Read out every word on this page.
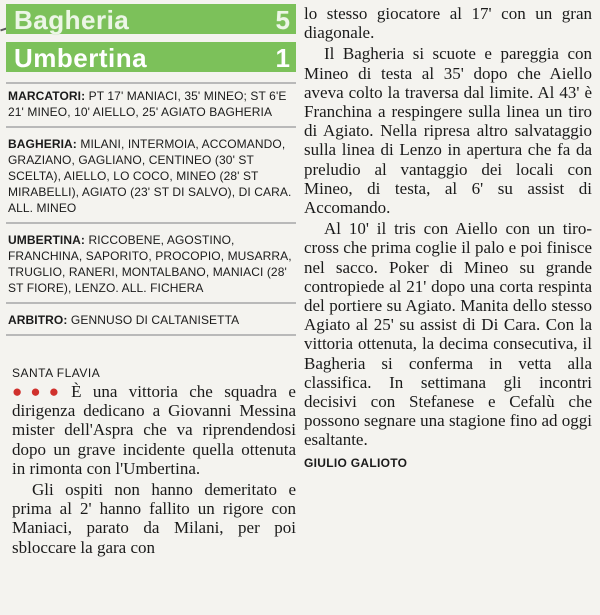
Bagheria	5
Umbertina	1
MARCATORI: PT 17' MANIACI, 35' MINEO; ST 6'E 21' MINEO, 10' AIELLO, 25' AGIATO BAGHERIA
BAGHERIA: MILANI, INTERMOIA, ACCOMANDO, GRAZIANO, GAGLIANO, CENTINEO (30' ST SCELTA), AIELLO, LO COCO, MINEO (28' ST MIRABELLI), AGIATO (23' ST DI SALVO), DI CARA. ALL. MINEO
UMBERTINA: RICCOBENE, AGOSTINO, FRANCHINA, SAPORITO, PROCOPIO, MUSARRA, TRUGLIO, RANERI, MONTALBANO, MANIACI (28' ST FIORE), LENZO. ALL. FICHERA
ARBITRO: GENNUSO DI CALTANISETTA
SANTA FLAVIA

●●● È una vittoria che squadra e dirigenza dedicano a Giovanni Messina mister dell'Aspra che va riprendendosi dopo un grave incidente quella ottenuta in rimonta con l'Umbertina.

Gli ospiti non hanno demeritato e prima al 2' hanno fallito un rigore con Maniaci, parato da Milani, per poi sbloccare la gara con

lo stesso giocatore al 17' con un gran diagonale.

Il Bagheria si scuote e pareggia con Mineo di testa al 35' dopo che Aiello aveva colto la traversa dal limite. Al 43' è Franchina a respingere sulla linea un tiro di Agiato. Nella ripresa altro salvataggio sulla linea di Lenzo in apertura che fa da preludio al vantaggio dei locali con Mineo, di testa, al 6' su assist di Accomando.

Al 10' il tris con Aiello con un tiro-cross che prima coglie il palo e poi finisce nel sacco. Poker di Mineo su grande contropiede al 21' dopo una corta respinta del portiere su Agiato. Manita dello stesso Agiato al 25' su assist di Di Cara. Con la vittoria ottenuta, la decima consecutiva, il Bagheria si conferma in vetta alla classifica. In settimana gli incontri decisivi con Stefanese e Cefalù che possono segnare una stagione fino ad oggi esaltante.

GIULIO GALIOTO
